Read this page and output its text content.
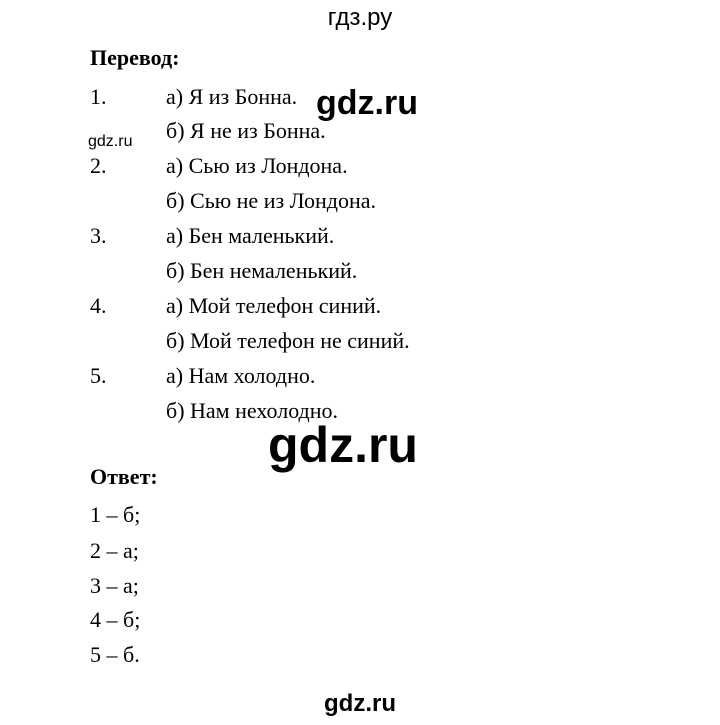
гдз.ру
Перевод:
1.	а) Я из Бонна.
б) Я не из Бонна.
2.	а) Сью из Лондона.
б) Сью не из Лондона.
3.	а) Бен маленький.
б) Бен немаленький.
4.	а) Мой телефон синий.
б) Мой телефон не синий.
5.	а) Нам холодно.
б) Нам нехолодно.
Ответ:
1 – б;
2 – а;
3 – а;
4 – б;
5 – б.
gdz.ru
gdz.ru
gdz.ru
gdz.ru
